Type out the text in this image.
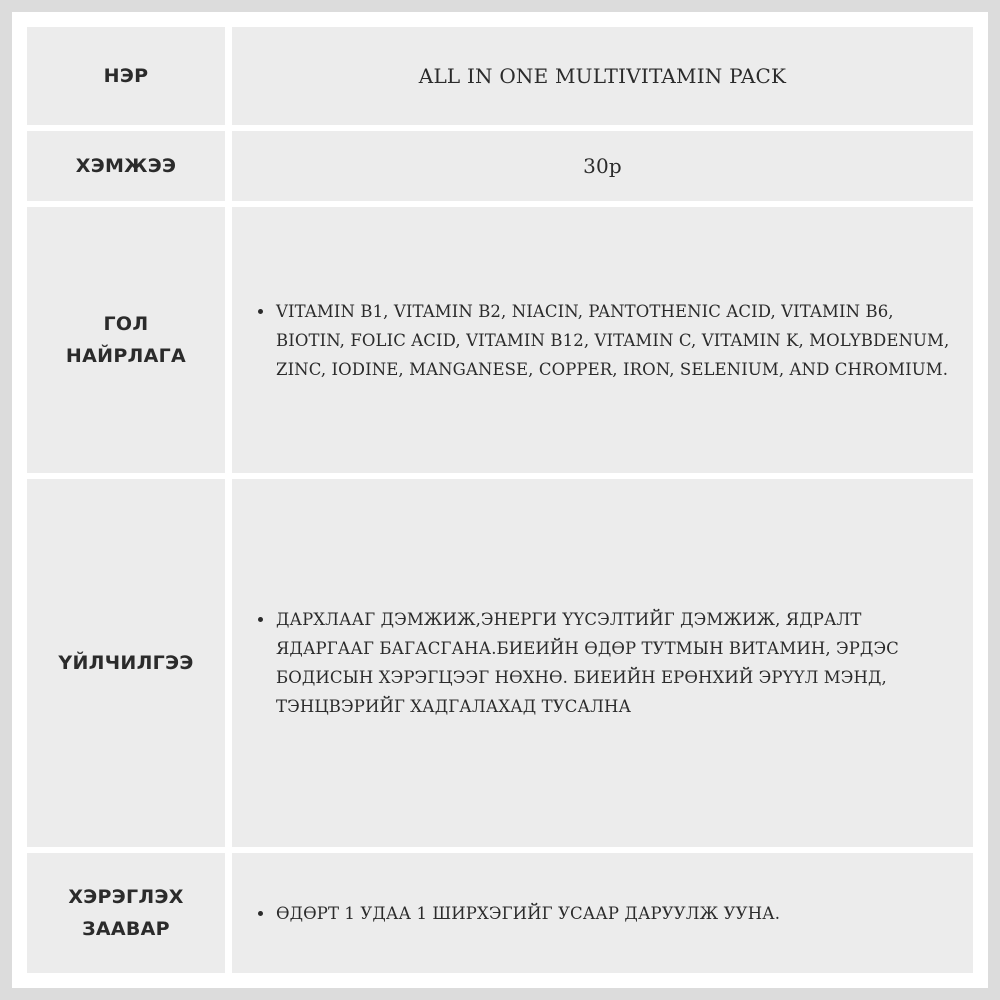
НЭР	ALL IN ONE MULTIVITAMIN PACK
ХЭМЖЭЭ	30р
ГОЛ
НАЙРЛАГА
VITAMIN B1, VITAMIN B2, NIACIN, PANTOTHENIC ACID, VITAMIN B6, BIOTIN, FOLIC ACID, VITAMIN B12, VITAMIN C, VITAMIN K, MOLYBDENUM, ZINC, IODINE, MANGANESE, COPPER, IRON, SELENIUM, AND CHROMIUM.
ҮЙЛЧИЛГЭЭ
ДАРХЛААГ ДЭМЖИЖ,ЭНЕРГИ ҮҮСЭЛТИЙГ ДЭМЖИЖ, ЯДРАЛТ ЯДАРГААГ БАГАСГАНА.БИЕИЙН ӨДӨР ТУТМЫН ВИТАМИН, ЭРДЭС БОДИСЫН ХЭРЭГЦЭЭГ НӨХНӨ. БИЕИЙН ЕРӨНХИЙ ЭРҮҮЛ МЭНД, ТЭНЦВЭРИЙГ ХАДГАЛАХАД ТУСАЛНА
ХЭРЭГЛЭХ
ЗААВАР
ӨДӨРТ 1 УДАА 1 ШИРХЭГИЙГ УСААР ДАРУУЛЖ УУНА.
